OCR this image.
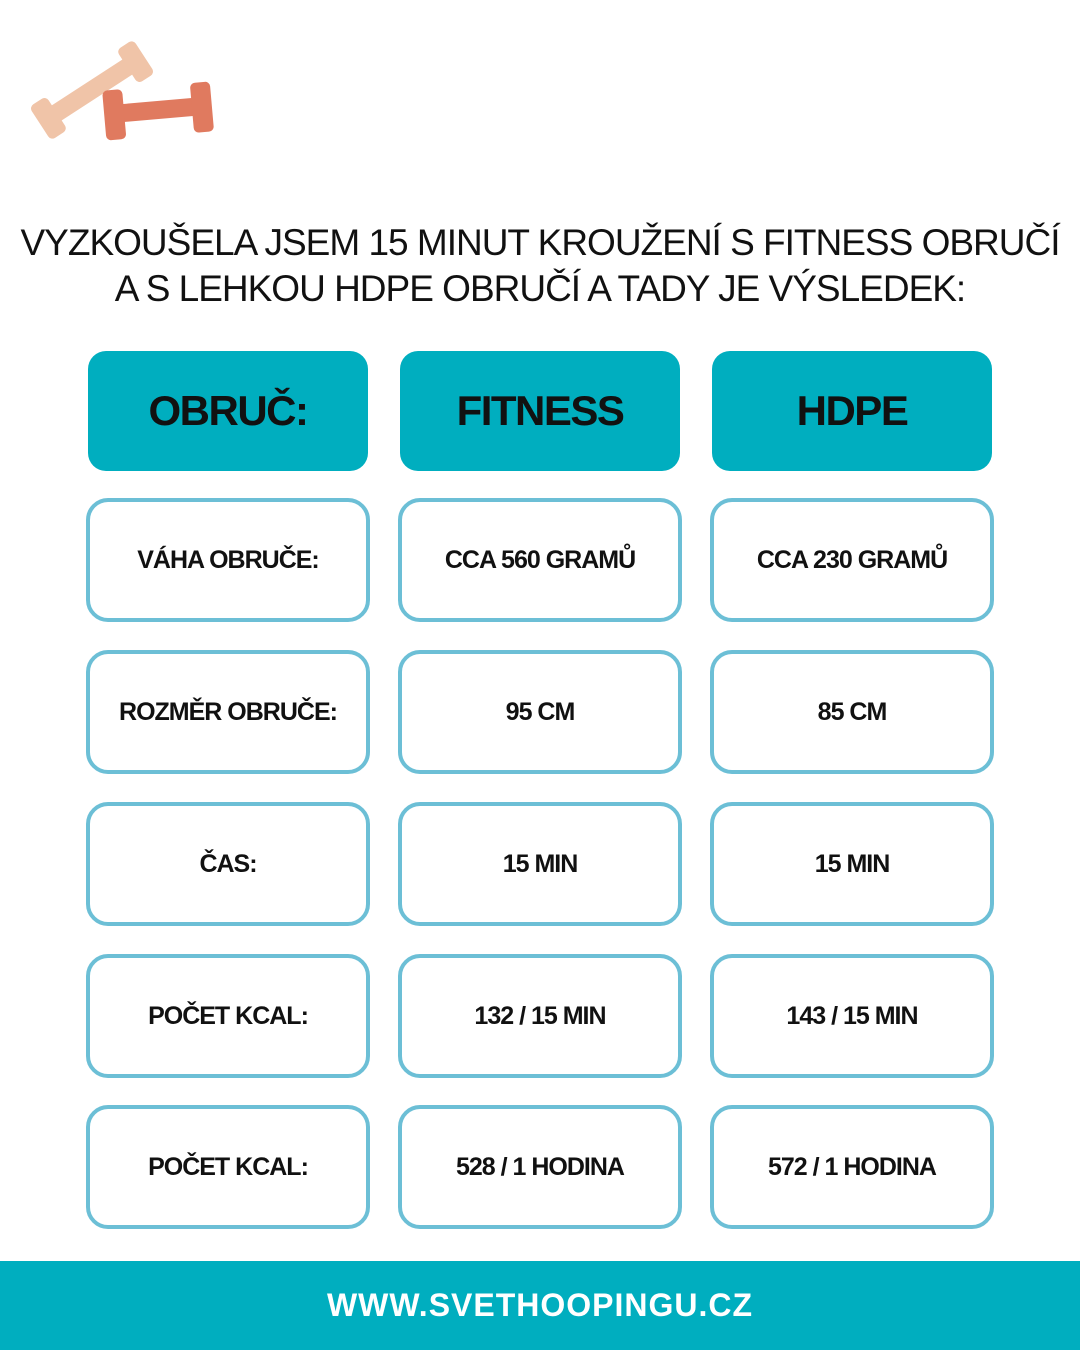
VYZKOUŠELA JSEM 15 MINUT KROUŽENÍ S FITNESS OBRUČÍ
A S LEHKOU HDPE OBRUČÍ A TADY JE VÝSLEDEK:
OBRUČ:	FITNESS	HDPE
VÁHA OBRUČE:	CCA 560 GRAMŮ	CCA 230 GRAMŮ
ROZMĚR OBRUČE:	95 CM	85 CM
ČAS:	15 MIN	15 MIN
POČET KCAL:	132 / 15 MIN	143 / 15 MIN
POČET KCAL:	528 / 1 HODINA	572 / 1 HODINA
WWW.SVETHOOPINGU.CZ
